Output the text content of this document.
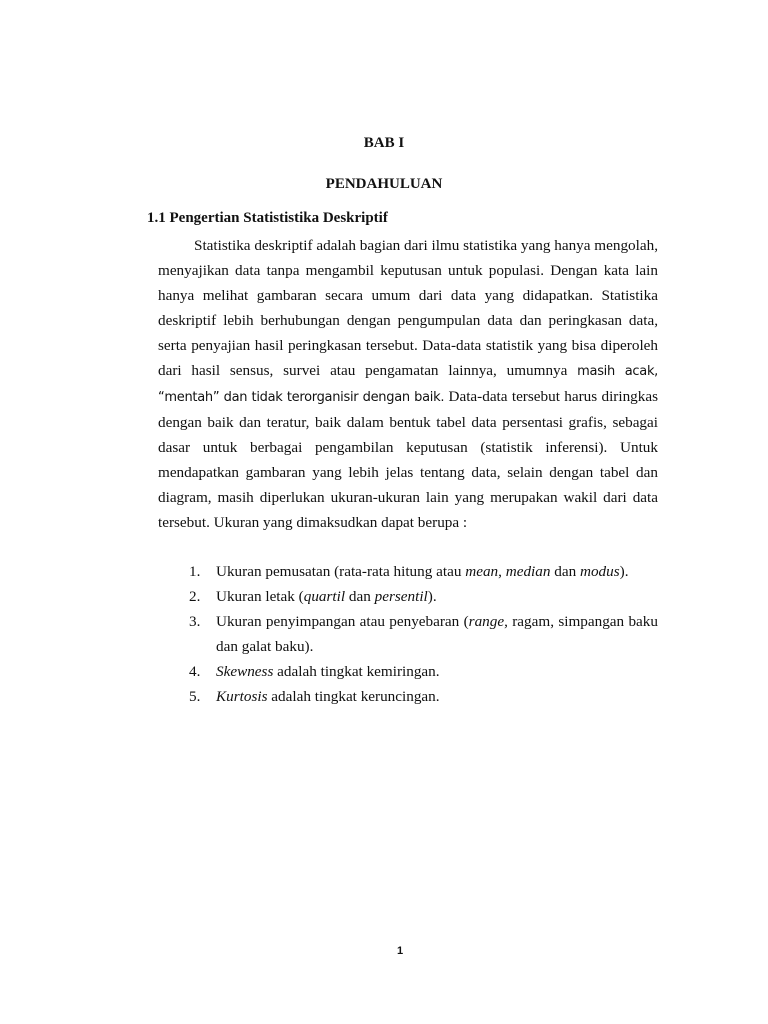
BAB I
PENDAHULUAN
1.1 Pengertian Statististika Deskriptif

Statistika deskriptif adalah bagian dari ilmu statistika yang hanya mengolah, menyajikan data tanpa mengambil keputusan untuk populasi. Dengan kata lain hanya melihat gambaran secara umum dari data yang didapatkan. Statistika deskriptif lebih berhubungan dengan pengumpulan data dan peringkasan data, serta penyajian hasil peringkasan tersebut. Data-data statistik yang bisa diperoleh dari hasil sensus, survei atau pengamatan lainnya, umumnya masih acak, “mentah” dan tidak terorganisir dengan baik. Data-data tersebut harus diringkas dengan baik dan teratur, baik dalam bentuk tabel data persentasi grafis, sebagai dasar untuk berbagai pengambilan keputusan (statistik inferensi). Untuk mendapatkan gambaran yang lebih jelas tentang data, selain dengan tabel dan diagram, masih diperlukan ukuran-ukuran lain yang merupakan wakil dari data tersebut. Ukuran yang dimaksudkan dapat berupa :

1. Ukuran pemusatan (rata-rata hitung atau mean, median dan modus).
2. Ukuran letak (quartil dan persentil).
3. Ukuran penyimpangan atau penyebaran (range, ragam, simpangan baku dan galat baku).
4. Skewness adalah tingkat kemiringan.
5. Kurtosis adalah tingkat keruncingan.
1
